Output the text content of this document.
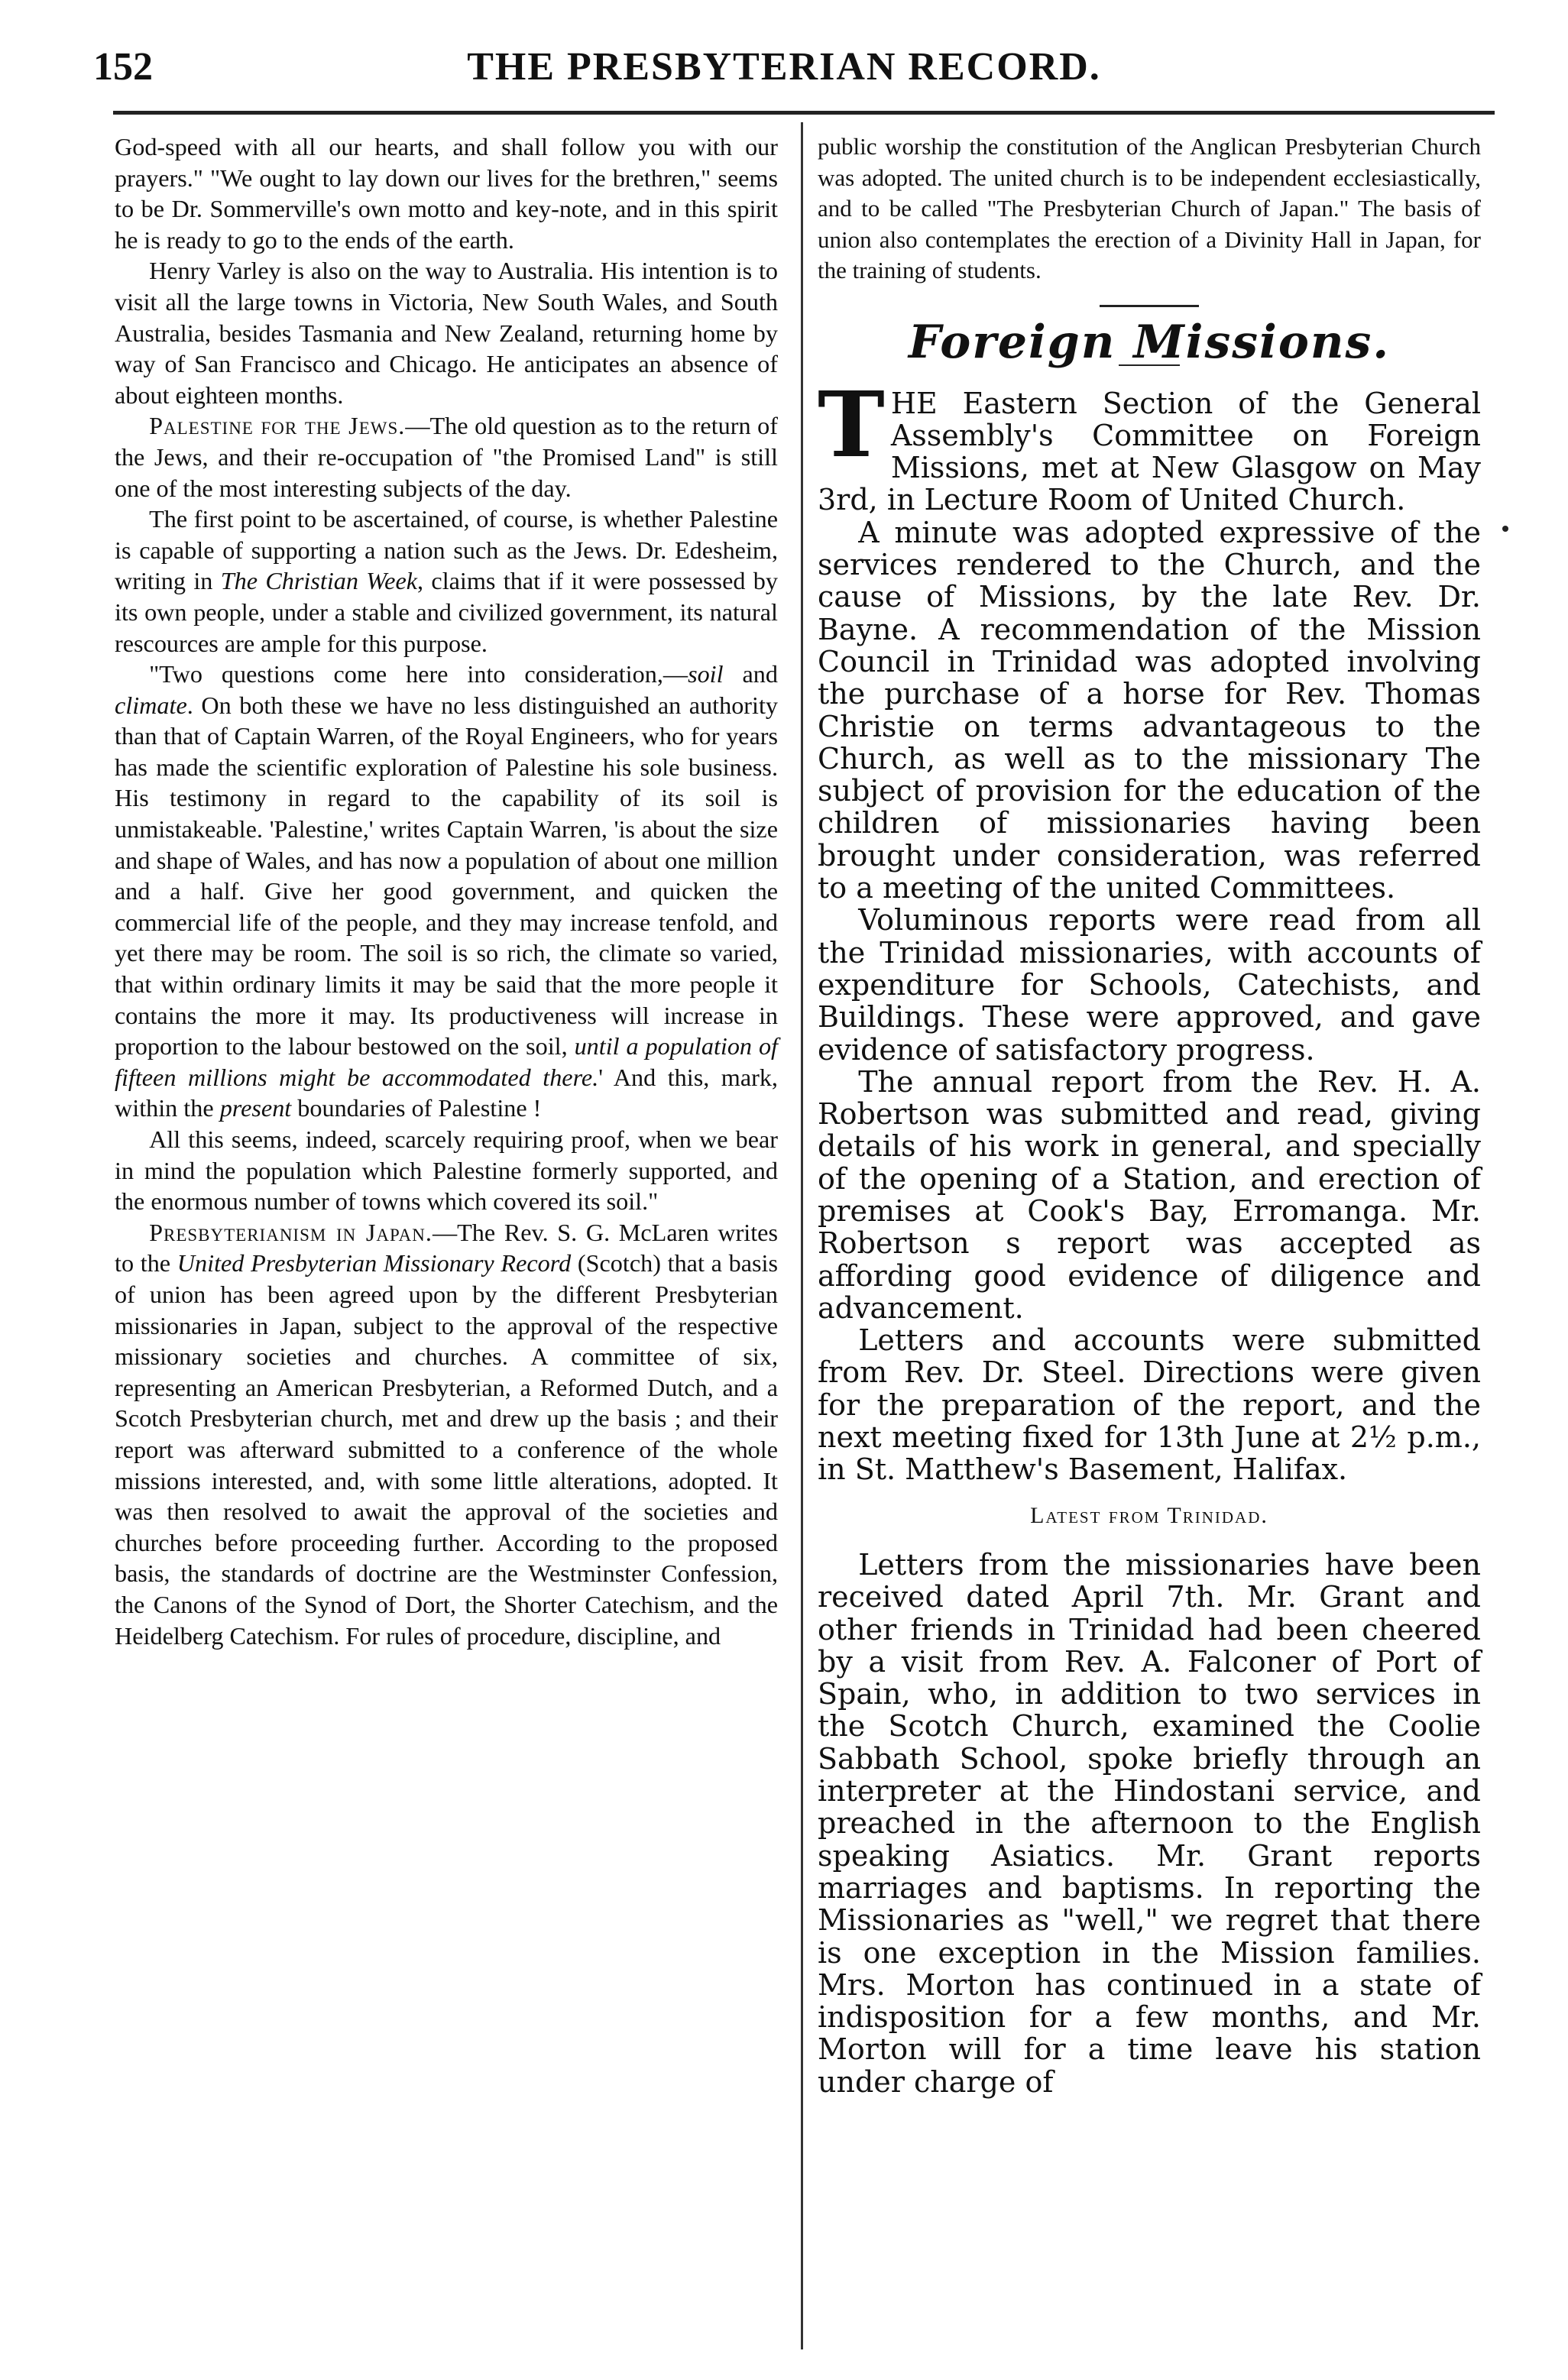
152	THE PRESBYTERIAN RECORD.

God-speed with all our hearts, and shall follow you with our prayers." "We ought to lay down our lives for the brethren," seems to be Dr. Sommerville's own motto and key-note, and in this spirit he is ready to go to the ends of the earth.

Henry Varley is also on the way to Australia. His intention is to visit all the large towns in Victoria, New South Wales, and South Australia, besides Tasmania and New Zealand, returning home by way of San Francisco and Chicago. He anticipates an absence of about eighteen months.

Palestine for the Jews.—The old question as to the return of the Jews, and their re-occupation of "the Promised Land" is still one of the most interesting subjects of the day.

The first point to be ascertained, of course, is whether Palestine is capable of supporting a nation such as the Jews. Dr. Edesheim, writing in The Christian Week, claims that if it were possessed by its own people, under a stable and civilized government, its natural rescources are ample for this purpose.

"Two questions come here into consideration,—soil and climate. On both these we have no less distinguished an authority than that of Captain Warren, of the Royal Engineers, who for years has made the scientific exploration of Palestine his sole business. His testimony in regard to the capability of its soil is unmistakeable. 'Palestine,' writes Captain Warren, 'is about the size and shape of Wales, and has now a population of about one million and a half. Give her good government, and quicken the commercial life of the people, and they may increase tenfold, and yet there may be room. The soil is so rich, the climate so varied, that within ordinary limits it may be said that the more people it contains the more it may. Its productiveness will increase in proportion to the labour bestowed on the soil, until a population of fifteen millions might be accommodated there.' And this, mark, within the present boundaries of Palestine !

All this seems, indeed, scarcely requiring proof, when we bear in mind the population which Palestine formerly supported, and the enormous number of towns which covered its soil."

Presbyterianism in Japan.—The Rev. S. G. McLaren writes to the United Presbyterian Missionary Record (Scotch) that a basis of union has been agreed upon by the different Presbyterian missionaries in Japan, subject to the approval of the respective missionary societies and churches. A committee of six, representing an American Presbyterian, a Reformed Dutch, and a Scotch Presbyterian church, met and drew up the basis ; and their report was afterward submitted to a conference of the whole missions interested, and, with some little alterations, adopted. It was then resolved to await the approval of the societies and churches before proceeding further. According to the proposed basis, the standards of doctrine are the Westminster Confession, the Canons of the Synod of Dort, the Shorter Catechism, and the Heidelberg Catechism. For rules of procedure, discipline, and

public worship the constitution of the Anglican Presbyterian Church was adopted. The united church is to be independent ecclesiastically, and to be called "The Presbyterian Church of Japan." The basis of union also contemplates the erection of a Divinity Hall in Japan, for the training of students.

Foreign Missions.

THE Eastern Section of the General Assembly's Committee on Foreign Missions, met at New Glasgow on May 3rd, in Lecture Room of United Church.

A minute was adopted expressive of the services rendered to the Church, and the cause of Missions, by the late Rev. Dr. Bayne. A recommendation of the Mission Council in Trinidad was adopted involving the purchase of a horse for Rev. Thomas Christie on terms advantageous to the Church, as well as to the missionary The subject of provision for the education of the children of missionaries having been brought under consideration, was referred to a meeting of the united Committees.

Voluminous reports were read from all the Trinidad missionaries, with accounts of expenditure for Schools, Catechists, and Buildings. These were approved, and gave evidence of satisfactory progress.

The annual report from the Rev. H. A. Robertson was submitted and read, giving details of his work in general, and specially of the opening of a Station, and erection of premises at Cook's Bay, Erromanga. Mr. Robertson s report was accepted as affording good evidence of diligence and advancement.

Letters and accounts were submitted from Rev. Dr. Steel. Directions were given for the preparation of the report, and the next meeting fixed for 13th June at 2½ p.m., in St. Matthew's Basement, Halifax.

Latest from Trinidad.

Letters from the missionaries have been received dated April 7th. Mr. Grant and other friends in Trinidad had been cheered by a visit from Rev. A. Falconer of Port of Spain, who, in addition to two services in the Scotch Church, examined the Coolie Sabbath School, spoke briefly through an interpreter at the Hindostani service, and preached in the afternoon to the English speaking Asiatics. Mr. Grant reports marriages and baptisms. In reporting the Missionaries as "well," we regret that there is one exception in the Mission families. Mrs. Morton has continued in a state of indisposition for a few months, and Mr. Morton will for a time leave his station under charge of
